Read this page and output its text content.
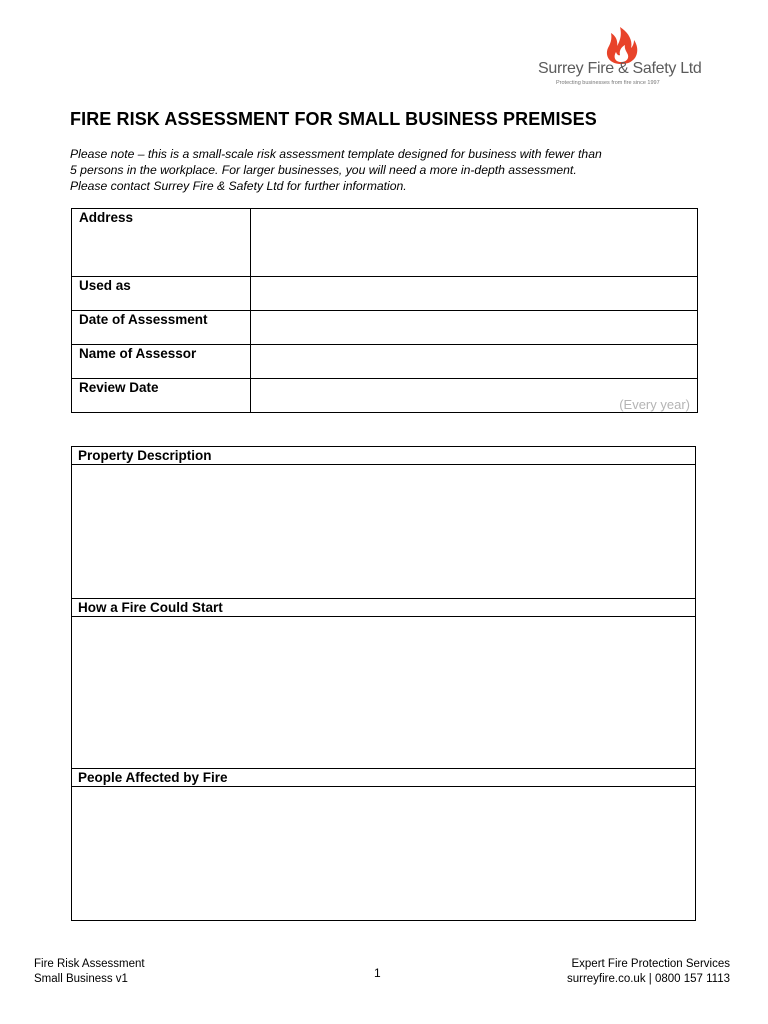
Surrey Fire & Safety Ltd
Protecting businesses from fire since 1997
FIRE RISK ASSESSMENT FOR SMALL BUSINESS PREMISES
Please note – this is a small-scale risk assessment template designed for business with fewer than
5 persons in the workplace. For larger businesses, you will need a more in-depth assessment.
Please contact Surrey Fire & Safety Ltd for further information.
Address	
Used as	
Date of Assessment	
Name of Assessor	
Review Date	(Every year)
Property Description
How a Fire Could Start
People Affected by Fire
Fire Risk Assessment
Small Business v1	1
Expert Fire Protection Services
surreyfire.co.uk | 0800 157 1113
